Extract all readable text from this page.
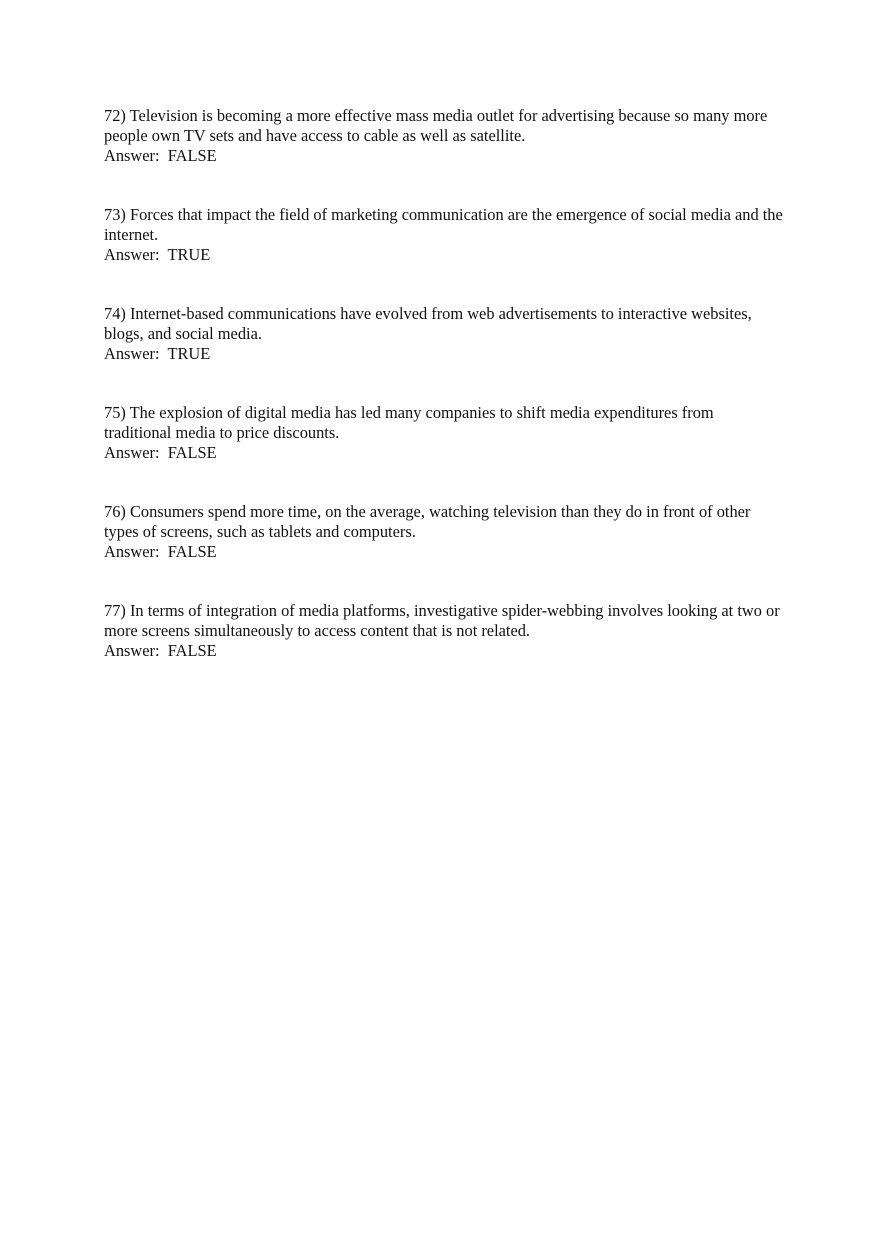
72) Television is becoming a more effective mass media outlet for advertising because so many more people own TV sets and have access to cable as well as satellite.

Answer: FALSE

73) Forces that impact the field of marketing communication are the emergence of social media and the internet.

Answer: TRUE

74) Internet-based communications have evolved from web advertisements to interactive websites, blogs, and social media.

Answer: TRUE

75) The explosion of digital media has led many companies to shift media expenditures from traditional media to price discounts.

Answer: FALSE

76) Consumers spend more time, on the average, watching television than they do in front of other types of screens, such as tablets and computers.

Answer: FALSE

77) In terms of integration of media platforms, investigative spider-webbing involves looking at two or more screens simultaneously to access content that is not related.

Answer: FALSE
